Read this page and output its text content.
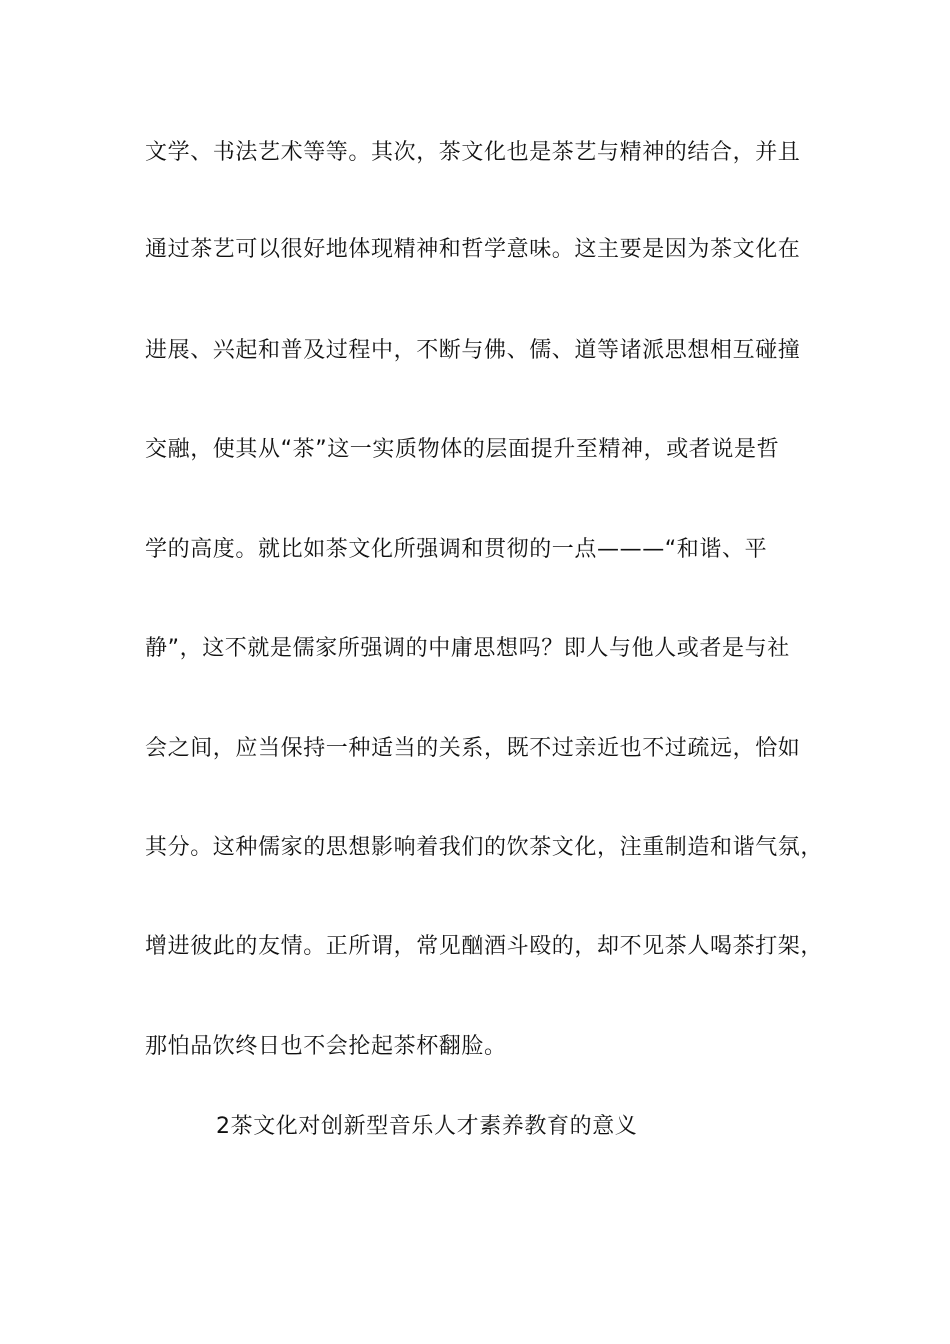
文学、书法艺术等等。其次，茶文化也是茶艺与精神的结合，并且
通过茶艺可以很好地体现精神和哲学意味。这主要是因为茶文化在
进展、兴起和普及过程中，不断与佛、儒、道等诸派思想相互碰撞
交融，使其从“茶”这一实质物体的层面提升至精神，或者说是哲
学的高度。就比如茶文化所强调和贯彻的一点———“和谐、平
静”，这不就是儒家所强调的中庸思想吗？即人与他人或者是与社
会之间，应当保持一种适当的关系，既不过亲近也不过疏远，恰如
其分。这种儒家的思想影响着我们的饮茶文化，注重制造和谐气氛，
增进彼此的友情。正所谓，常见酗酒斗殴的，却不见茶人喝茶打架，
那怕品饮终日也不会抡起茶杯翻脸。
2茶文化对创新型音乐人才素养教育的意义
